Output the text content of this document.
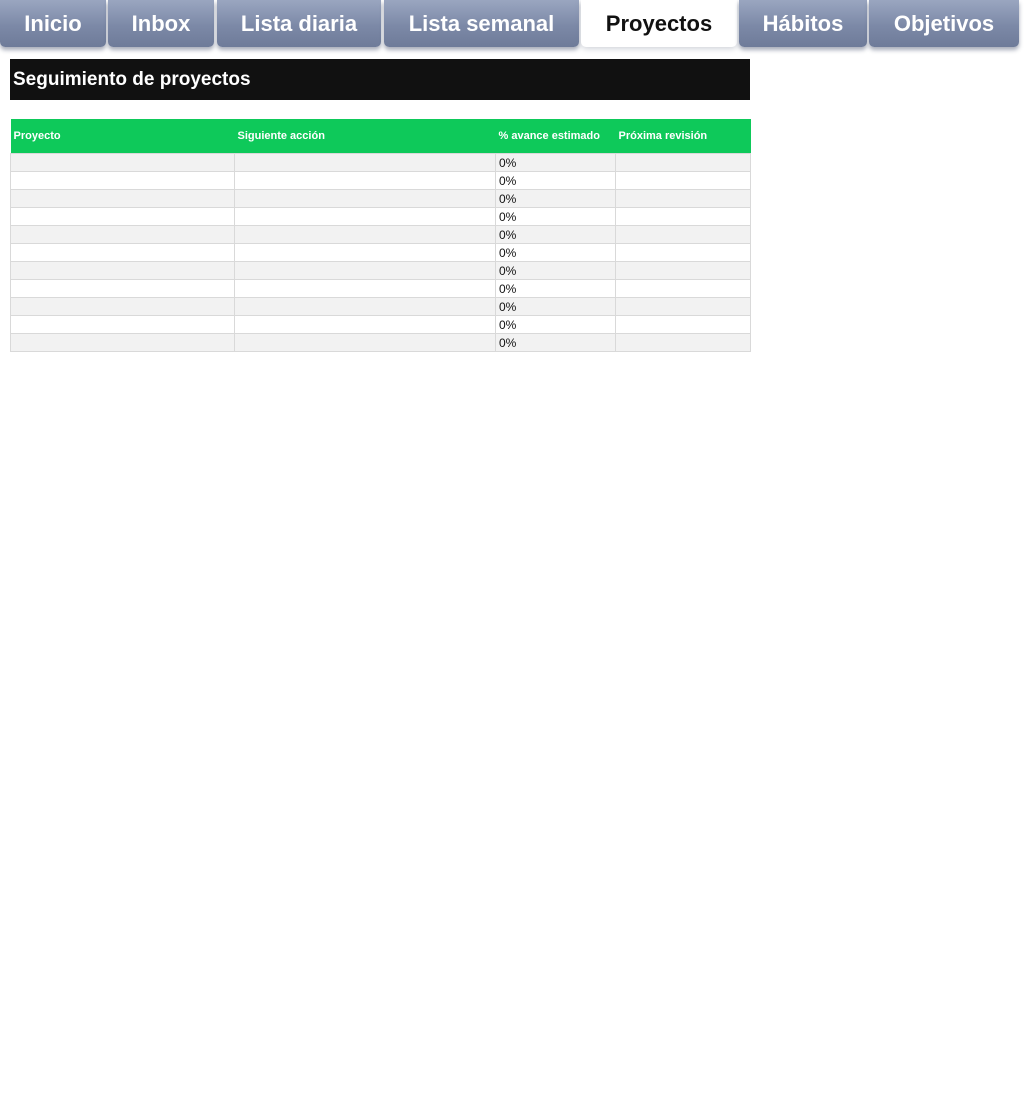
Inicio	Inbox	Lista diaria	Lista semanal	Proyectos	Hábitos	Objetivos
Seguimiento de proyectos
Proyecto	Siguiente acción	% avance estimado	Próxima revisión
		0%	
		0%	
		0%	
		0%	
		0%	
		0%	
		0%	
		0%	
		0%	
		0%	
		0%	
